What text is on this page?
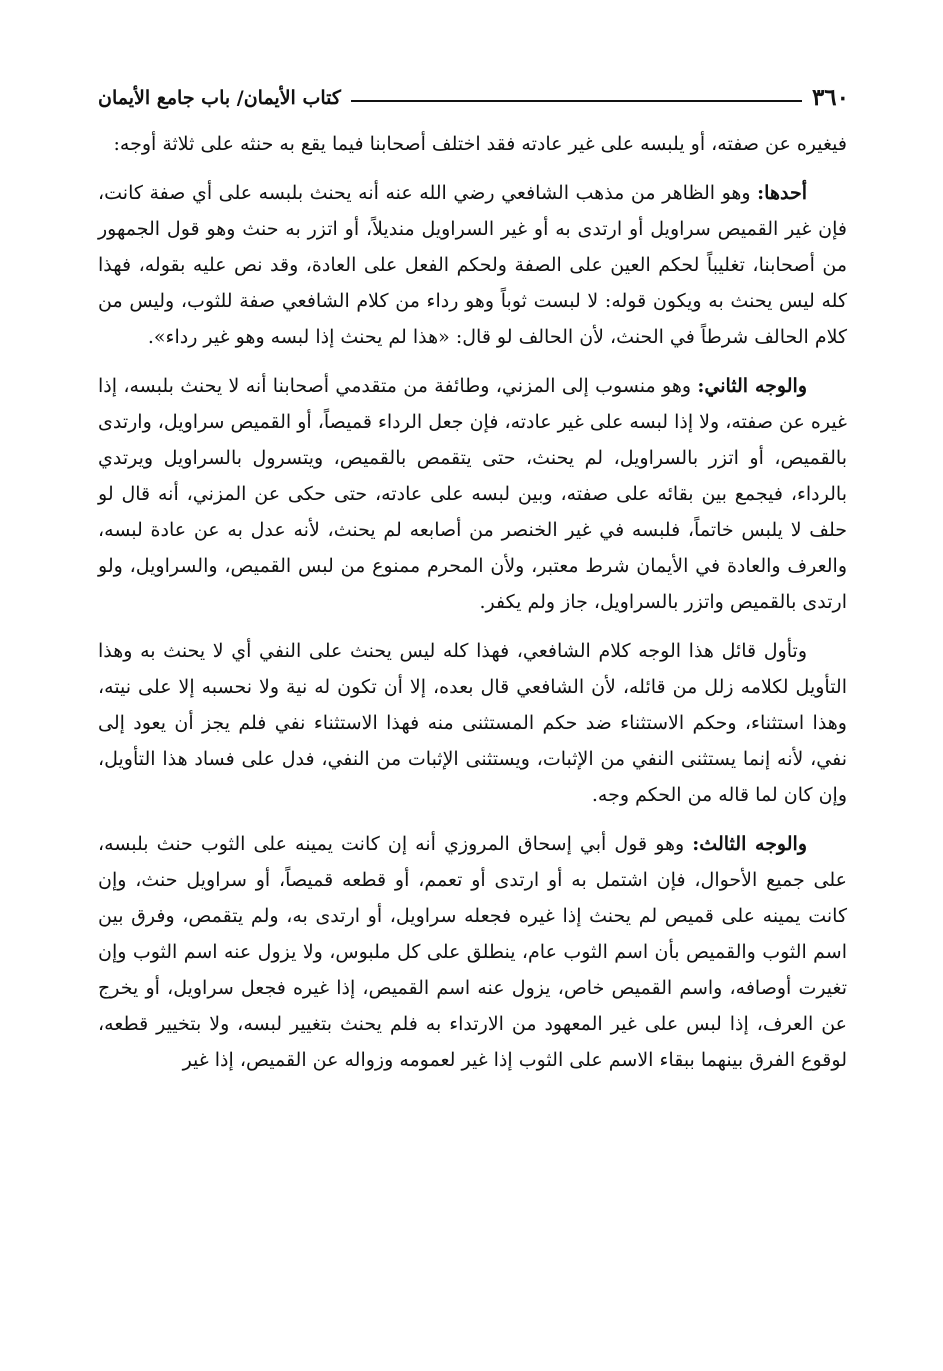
٣٦٠
كتاب الأيمان/ باب جامع الأيمان

فيغيره عن صفته، أو يلبسه على غير عادته فقد اختلف أصحابنا فيما يقع به حنثه على ثلاثة أوجه:

أحدها: وهو الظاهر من مذهب الشافعي رضي الله عنه أنه يحنث بلبسه على أي صفة كانت، فإن غير القميص سراويل أو ارتدى به أو غير السراويل منديلاً، أو اتزر به حنث وهو قول الجمهور من أصحابنا، تغليباً لحكم العين على الصفة ولحكم الفعل على العادة، وقد نص عليه بقوله، فهذا كله ليس يحنث به ويكون قوله: لا لبست ثوباً وهو رداء من كلام الشافعي صفة للثوب، وليس من كلام الحالف شرطاً في الحنث، لأن الحالف لو قال: «هذا لم يحنث إذا لبسه وهو غير رداء».

والوجه الثاني: وهو منسوب إلى المزني، وطائفة من متقدمي أصحابنا أنه لا يحنث بلبسه، إذا غيره عن صفته، ولا إذا لبسه على غير عادته، فإن جعل الرداء قميصاً، أو القميص سراويل، وارتدى بالقميص، أو اتزر بالسراويل، لم يحنث، حتى يتقمص بالقميص، ويتسرول بالسراويل ويرتدي بالرداء، فيجمع بين بقائه على صفته، وبين لبسه على عادته، حتى حكى عن المزني، أنه قال لو حلف لا يلبس خاتماً، فلبسه في غير الخنصر من أصابعه لم يحنث، لأنه عدل به عن عادة لبسه، والعرف والعادة في الأيمان شرط معتبر، ولأن المحرم ممنوع من لبس القميص، والسراويل، ولو ارتدى بالقميص واتزر بالسراويل، جاز ولم يكفر.

وتأول قائل هذا الوجه كلام الشافعي، فهذا كله ليس يحنث على النفي أي لا يحنث به وهذا التأويل لكلامه زلل من قائله، لأن الشافعي قال بعده، إلا أن تكون له نية ولا نحسبه إلا على نيته، وهذا استثناء، وحكم الاستثناء ضد حكم المستثنى منه فهذا الاستثناء نفي فلم يجز أن يعود إلى نفي، لأنه إنما يستثنى النفي من الإثبات، ويستثنى الإثبات من النفي، فدل على فساد هذا التأويل، وإن كان لما قاله من الحكم وجه.

والوجه الثالث: وهو قول أبي إسحاق المروزي أنه إن كانت يمينه على الثوب حنث بلبسه، على جميع الأحوال، فإن اشتمل به أو ارتدى أو تعمم، أو قطعه قميصاً، أو سراويل حنث، وإن كانت يمينه على قميص لم يحنث إذا غيره فجعله سراويل، أو ارتدى به، ولم يتقمص، وفرق بين اسم الثوب والقميص بأن اسم الثوب عام، ينطلق على كل ملبوس، ولا يزول عنه اسم الثوب وإن تغيرت أوصافه، واسم القميص خاص، يزول عنه اسم القميص، إذا غيره فجعل سراويل، أو يخرج عن العرف، إذا لبس على غير المعهود من الارتداء به فلم يحنث بتغيير لبسه، ولا بتخيير قطعه، لوقوع الفرق بينهما ببقاء الاسم على الثوب إذا غير لعمومه وزواله عن القميص، إذا غير
